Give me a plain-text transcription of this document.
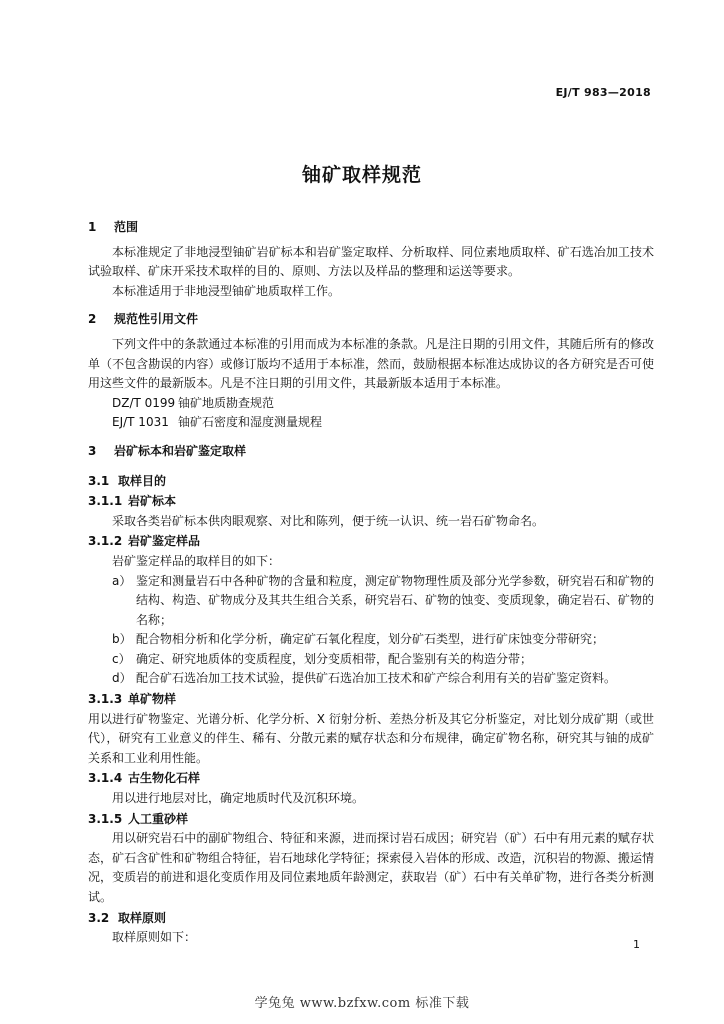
EJ/T 983—2018
铀矿取样规范
1 范围
本标准规定了非地浸型铀矿岩矿标本和岩矿鉴定取样、分析取样、同位素地质取样、矿石选冶加工技术试验取样、矿床开采技术取样的目的、原则、方法以及样品的整理和运送等要求。
本标准适用于非地浸型铀矿地质取样工作。
2 规范性引用文件
下列文件中的条款通过本标准的引用而成为本标准的条款。凡是注日期的引用文件，其随后所有的修改单（不包含勘误的内容）或修订版均不适用于本标准，然而，鼓励根据本标准达成协议的各方研究是否可使用这些文件的最新版本。凡是不注日期的引用文件，其最新版本适用于本标准。
DZ/T 0199 铀矿地质勘查规范
EJ/T 1031 铀矿石密度和湿度测量规程
3 岩矿标本和岩矿鉴定取样
3.1 取样目的
3.1.1 岩矿标本
采取各类岩矿标本供肉眼观察、对比和陈列，便于统一认识、统一岩石矿物命名。
3.1.2 岩矿鉴定样品
岩矿鉴定样品的取样目的如下：
a） 鉴定和测量岩石中各种矿物的含量和粒度，测定矿物物理性质及部分光学参数，研究岩石和矿物的结构、构造、矿物成分及其共生组合关系，研究岩石、矿物的蚀变、变质现象，确定岩石、矿物的名称；
b） 配合物相分析和化学分析，确定矿石氧化程度，划分矿石类型，进行矿床蚀变分带研究；
c） 确定、研究地质体的变质程度，划分变质相带，配合鉴别有关的构造分带；
d） 配合矿石选冶加工技术试验，提供矿石选冶加工技术和矿产综合利用有关的岩矿鉴定资料。
3.1.3 单矿物样
用以进行矿物鉴定、光谱分析、化学分析、X 衍射分析、差热分析及其它分析鉴定，对比划分成矿期（或世代），研究有工业意义的伴生、稀有、分散元素的赋存状态和分布规律，确定矿物名称，研究其与铀的成矿关系和工业利用性能。
3.1.4 古生物化石样
用以进行地层对比，确定地质时代及沉积环境。
3.1.5 人工重砂样
用以研究岩石中的副矿物组合、特征和来源，进而探讨岩石成因；研究岩（矿）石中有用元素的赋存状态，矿石含矿性和矿物组合特征，岩石地球化学特征；探索侵入岩体的形成、改造，沉积岩的物源、搬运情况，变质岩的前进和退化变质作用及同位素地质年龄测定，获取岩（矿）石中有关单矿物，进行各类分析测试。
3.2 取样原则
取样原则如下：
1
学兔兔 www.bzfxw.com 标准下载
